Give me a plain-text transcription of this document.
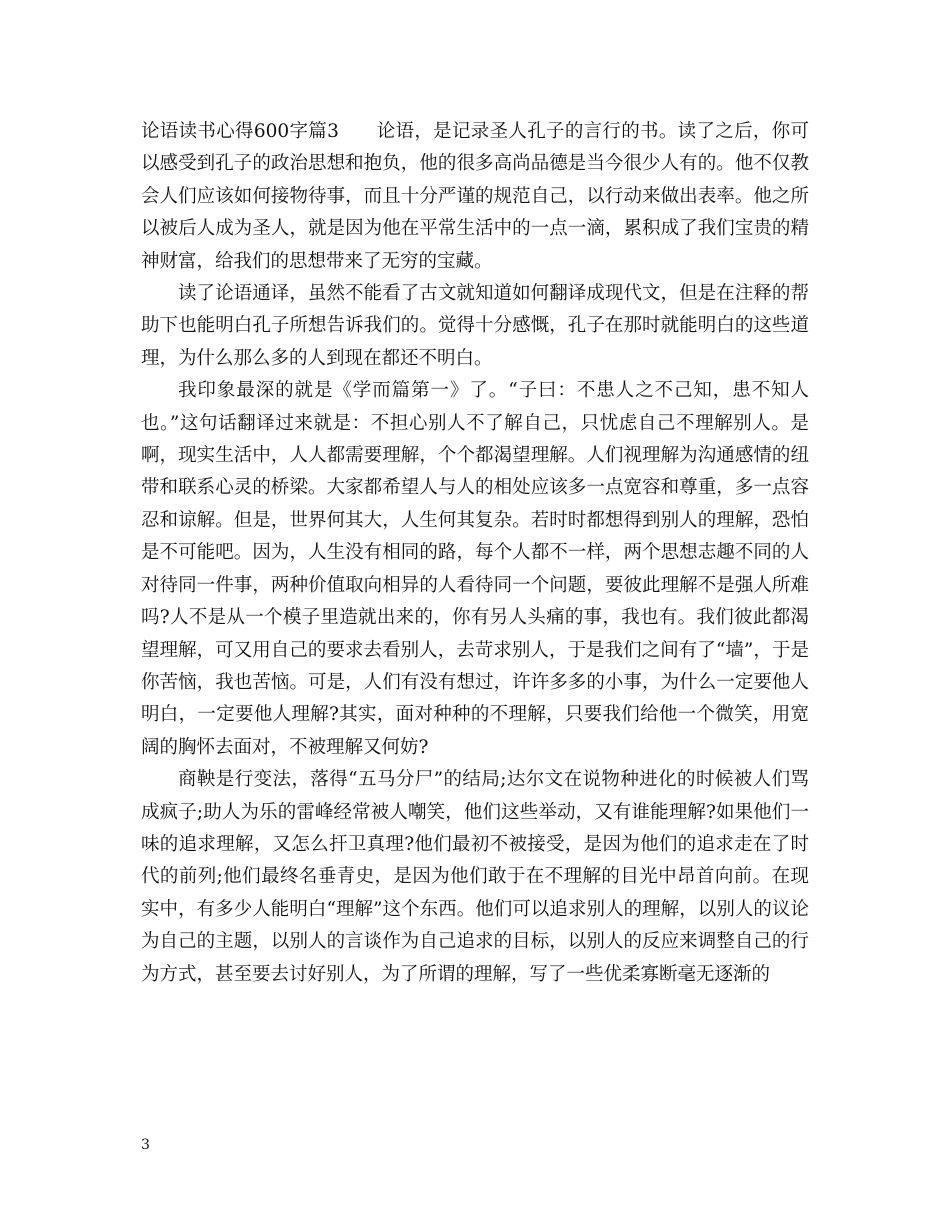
论语读书心得600字篇3　　论语，是记录圣人孔子的言行的书。读了之后，你可以感受到孔子的政治思想和抱负，他的很多高尚品德是当今很少人有的。他不仅教会人们应该如何接物待事，而且十分严谨的规范自己，以行动来做出表率。他之所以被后人成为圣人，就是因为他在平常生活中的一点一滴，累积成了我们宝贵的精神财富，给我们的思想带来了无穷的宝藏。

读了论语通译，虽然不能看了古文就知道如何翻译成现代文，但是在注释的帮助下也能明白孔子所想告诉我们的。觉得十分感慨，孔子在那时就能明白的这些道理，为什么那么多的人到现在都还不明白。

我印象最深的就是《学而篇第一》了。“子曰：不患人之不己知，患不知人也。”这句话翻译过来就是：不担心别人不了解自己，只忧虑自己不理解别人。是啊，现实生活中，人人都需要理解，个个都渴望理解。人们视理解为沟通感情的纽带和联系心灵的桥梁。大家都希望人与人的相处应该多一点宽容和尊重，多一点容忍和谅解。但是，世界何其大，人生何其复杂。若时时都想得到别人的理解，恐怕是不可能吧。因为，人生没有相同的路，每个人都不一样，两个思想志趣不同的人对待同一件事，两种价值取向相异的人看待同一个问题，要彼此理解不是强人所难吗?人不是从一个模子里造就出来的，你有另人头痛的事，我也有。我们彼此都渴望理解，可又用自己的要求去看别人，去苛求别人，于是我们之间有了“墙”，于是你苦恼，我也苦恼。可是，人们有没有想过，许许多多的小事，为什么一定要他人明白，一定要他人理解?其实，面对种种的不理解，只要我们给他一个微笑，用宽阔的胸怀去面对，不被理解又何妨?

商鞅是行变法，落得“五马分尸”的结局;达尔文在说物种进化的时候被人们骂成疯子;助人为乐的雷峰经常被人嘲笑，他们这些举动，又有谁能理解?如果他们一味的追求理解，又怎么扞卫真理?他们最初不被接受，是因为他们的追求走在了时代的前列;他们最终名垂青史，是因为他们敢于在不理解的目光中昂首向前。在现实中，有多少人能明白“理解”这个东西。他们可以追求别人的理解，以别人的议论为自己的主题，以别人的言谈作为自己追求的目标，以别人的反应来调整自己的行为方式，甚至要去讨好别人，为了所谓的理解，写了一些优柔寡断毫无逐渐的

3
